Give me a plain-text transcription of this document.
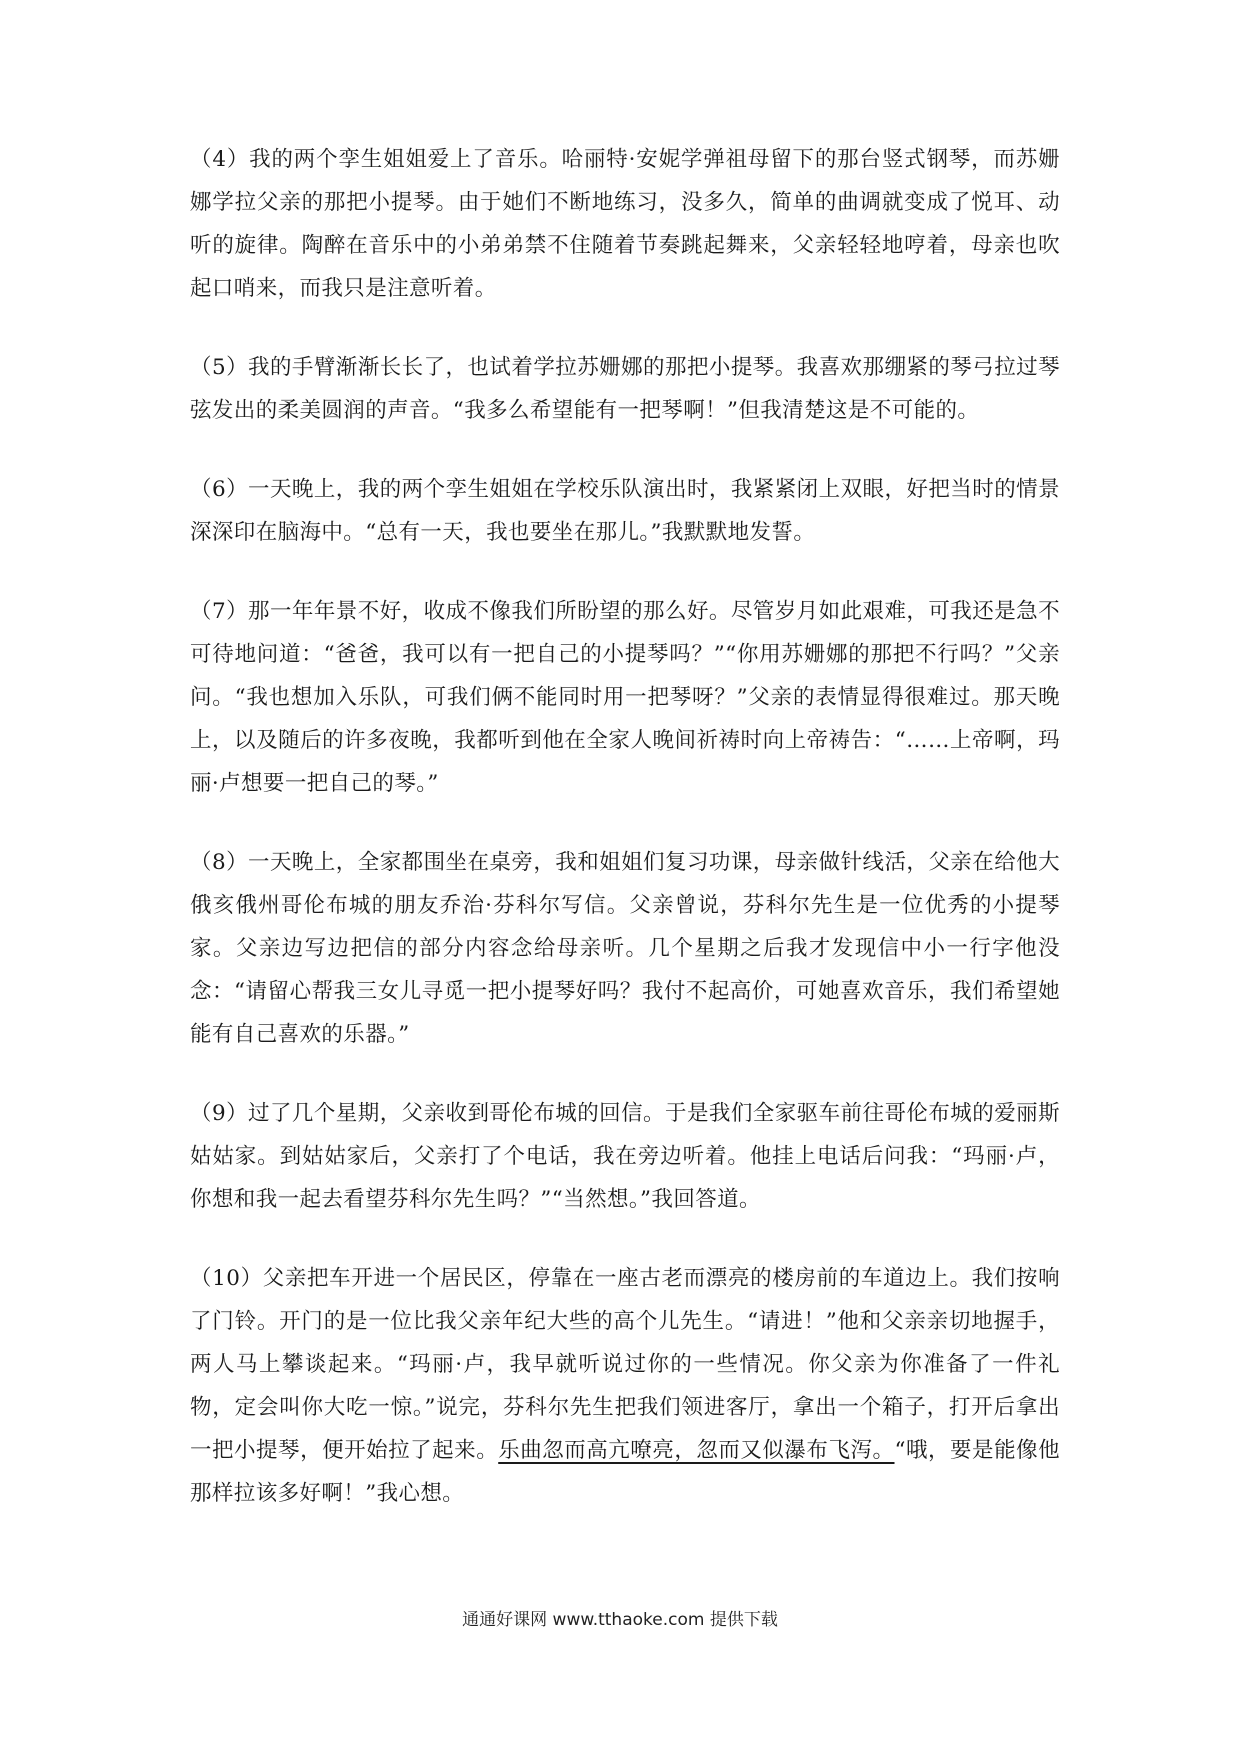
（4）我的两个孪生姐姐爱上了音乐。哈丽特·安妮学弹祖母留下的那台竖式钢琴，而苏姗娜学拉父亲的那把小提琴。由于她们不断地练习，没多久，简单的曲调就变成了悦耳、动听的旋律。陶醉在音乐中的小弟弟禁不住随着节奏跳起舞来，父亲轻轻地哼着，母亲也吹起口哨来，而我只是注意听着。

（5）我的手臂渐渐长长了，也试着学拉苏姗娜的那把小提琴。我喜欢那绷紧的琴弓拉过琴弦发出的柔美圆润的声音。“我多么希望能有一把琴啊！”但我清楚这是不可能的。

（6）一天晚上，我的两个孪生姐姐在学校乐队演出时，我紧紧闭上双眼，好把当时的情景深深印在脑海中。“总有一天，我也要坐在那儿。”我默默地发誓。

（7）那一年年景不好，收成不像我们所盼望的那么好。尽管岁月如此艰难，可我还是急不可待地问道：“爸爸，我可以有一把自己的小提琴吗？”“你用苏姗娜的那把不行吗？”父亲问。“我也想加入乐队，可我们俩不能同时用一把琴呀？”父亲的表情显得很难过。那天晚上，以及随后的许多夜晚，我都听到他在全家人晚间祈祷时向上帝祷告：“……上帝啊，玛丽·卢想要一把自己的琴。”

（8）一天晚上，全家都围坐在桌旁，我和姐姐们复习功课，母亲做针线活，父亲在给他大俄亥俄州哥伦布城的朋友乔治·芬科尔写信。父亲曾说，芬科尔先生是一位优秀的小提琴家。父亲边写边把信的部分内容念给母亲听。几个星期之后我才发现信中小一行字他没念：“请留心帮我三女儿寻觅一把小提琴好吗？我付不起高价，可她喜欢音乐，我们希望她能有自己喜欢的乐器。”

（9）过了几个星期，父亲收到哥伦布城的回信。于是我们全家驱车前往哥伦布城的爱丽斯姑姑家。到姑姑家后，父亲打了个电话，我在旁边听着。他挂上电话后问我：“玛丽·卢，你想和我一起去看望芬科尔先生吗？”“当然想。”我回答道。

（10）父亲把车开进一个居民区，停靠在一座古老而漂亮的楼房前的车道边上。我们按响了门铃。开门的是一位比我父亲年纪大些的高个儿先生。“请进！”他和父亲亲切地握手，两人马上攀谈起来。“玛丽·卢，我早就听说过你的一些情况。你父亲为你准备了一件礼物，定会叫你大吃一惊。”说完，芬科尔先生把我们领进客厅，拿出一个箱子，打开后拿出一把小提琴，便开始拉了起来。乐曲忽而高亢嘹亮，忽而又似瀑布飞泻。“哦，要是能像他那样拉该多好啊！”我心想。

通通好课网 www.tthaoke.com 提供下载
